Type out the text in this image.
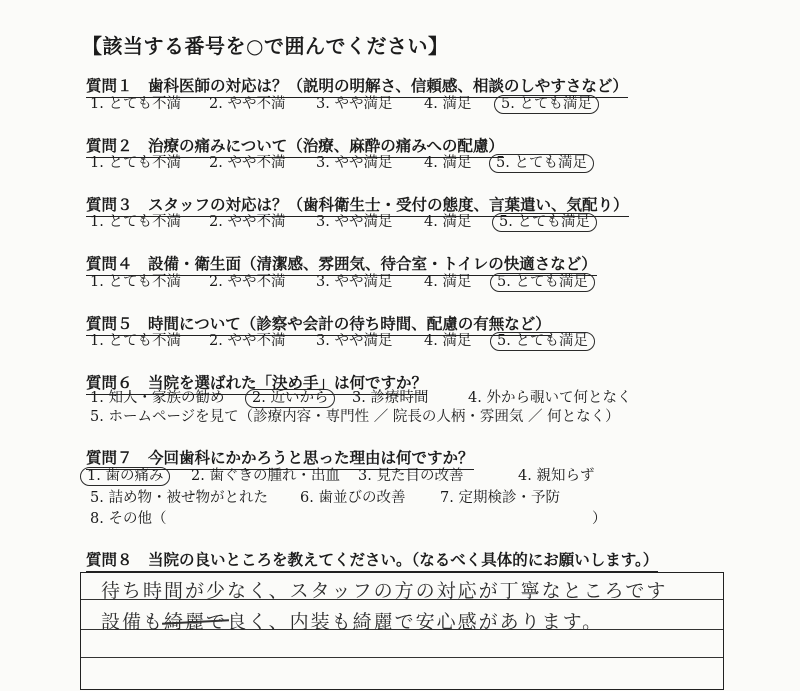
【該当する番号を○で囲んでください】
質問１　歯科医師の対応は？（説明の明解さ、信頼感、相談のしやすさなど）
1. とても不満 2. やや不満 3. やや満足 4. 満足	5. とても満足
質問２　治療の痛みについて（治療、麻酔の痛みへの配慮）
1. とても不満 2. やや不満 3. やや満足 4. 満足	5. とても満足
質問３　スタッフの対応は？（歯科衛生士・受付の態度、言葉遣い、気配り）
1. とても不満 2. やや不満 3. やや満足 4. 満足	5. とても満足
質問４　設備・衛生面（清潔感、雰囲気、待合室・トイレの快適さなど）
1. とても不満 2. やや不満 3. やや満足 4. 満足	5. とても満足
質問５　時間について（診察や会計の待ち時間、配慮の有無など）
1. とても不満 2. やや不満 3. やや満足 4. 満足	5. とても満足
質問６　当院を選ばれた「決め手」は何ですか？
1. 知人・家族の勧め	2. 近いから	3. 診療時間	4. 外から覗いて何となく
5. ホームページを見て（診療内容・専門性 ／ 院長の人柄・雰囲気 ／ 何となく）
質問７　今回歯科にかかろうと思った理由は何ですか？
1. 歯の痛み	2. 歯ぐきの腫れ・出血 3. 見た目の改善	4. 親知らず
5. 詰め物・被せ物がとれた 6. 歯並びの改善 7. 定期検診・予防
8. その他（	）
質問８　当院の良いところを教えてください。（なるべく具体的にお願いします。）
待ち時間が少なく、スタッフの方の対応が丁寧なところです
設備も綺麗で良く、内装も綺麗で安心感があります。
